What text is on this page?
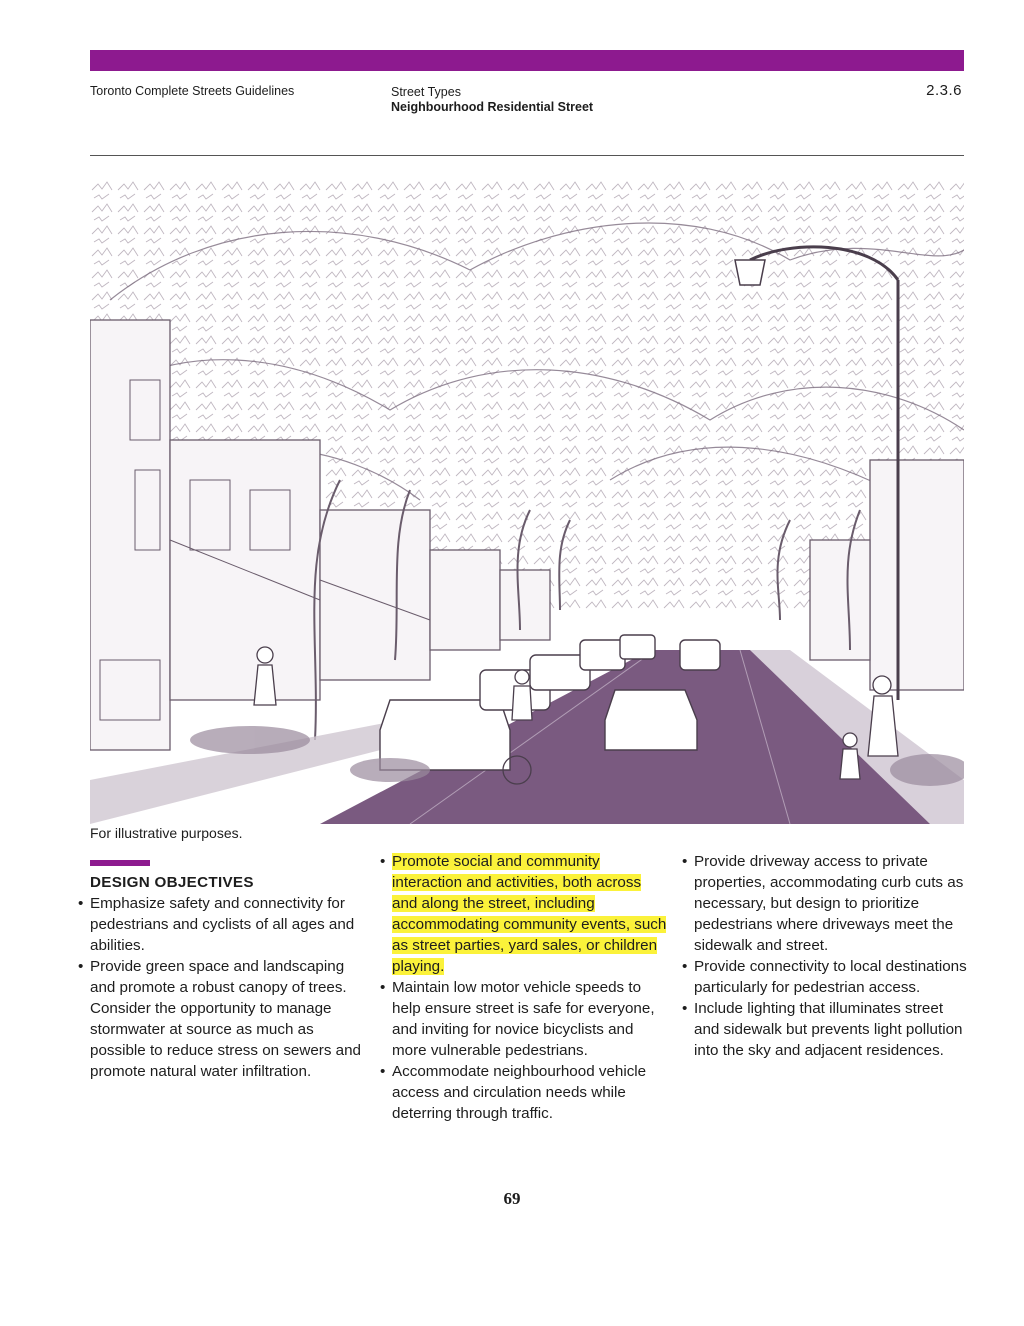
Toronto Complete Streets Guidelines	Street Types
Neighbourhood Residential Street
2.3.6
For illustrative purposes.
DESIGN OBJECTIVES
• Emphasize safety and connectivity for pedestrians and cyclists of all ages and abilities.
• Provide green space and landscaping and promote a robust canopy of trees. Consider the opportunity to manage stormwater at source as much as possible to reduce stress on sewers and promote natural water infiltration.
• Promote social and community interaction and activities, both across and along the street, including accommodating community events, such as street parties, yard sales, or children playing.
• Maintain low motor vehicle speeds to help ensure street is safe for everyone, and inviting for novice bicyclists and more vulnerable pedestrians.
• Accommodate neighbourhood vehicle access and circulation needs while deterring through traffic.
• Provide driveway access to private properties, accommodating curb cuts as necessary, but design to prioritize pedestrians where driveways meet the sidewalk and street.
• Provide connectivity to local destinations particularly for pedestrian access.
• Include lighting that illuminates street and sidewalk but prevents light pollution into the sky and adjacent residences.
69
